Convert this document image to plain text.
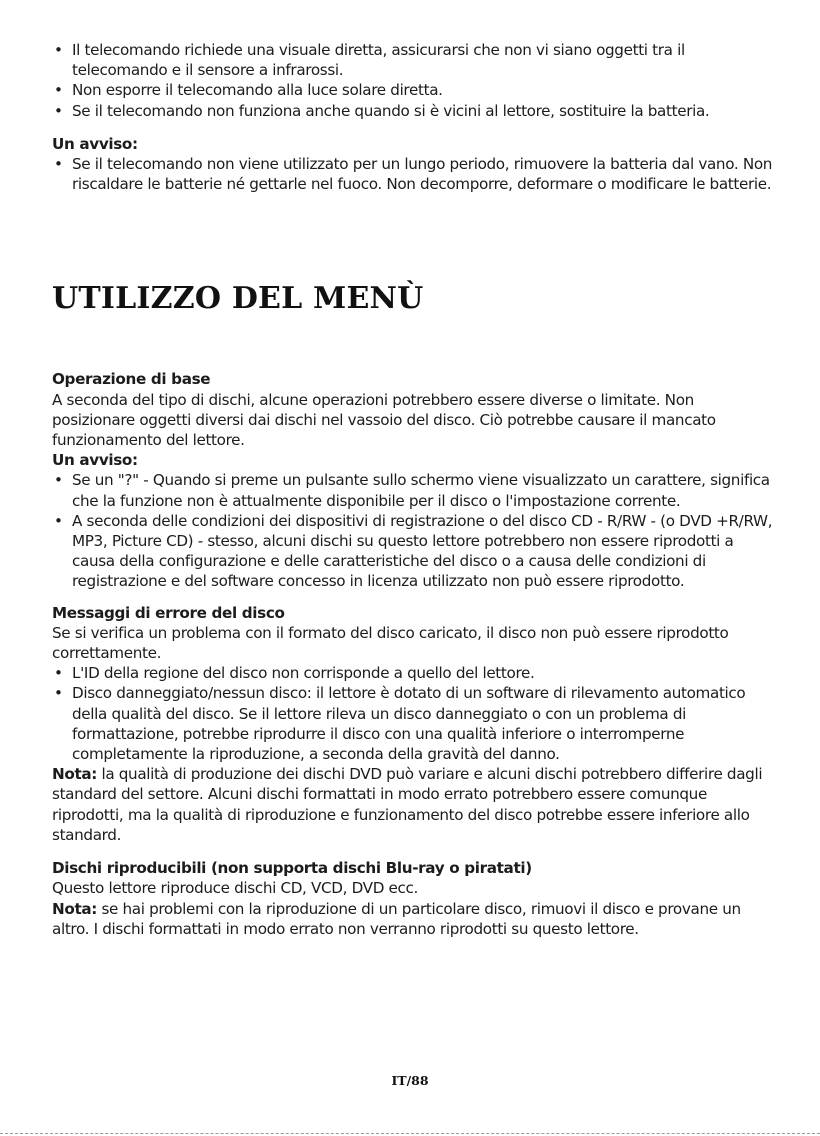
• Il telecomando richiede una visuale diretta, assicurarsi che non vi siano oggetti tra il telecomando e il sensore a infrarossi.
• Non esporre il telecomando alla luce solare diretta.
• Se il telecomando non funziona anche quando si è vicini al lettore, sostituire la batteria.

Un avviso:

• Se il telecomando non viene utilizzato per un lungo periodo, rimuovere la batteria dal vano. Non riscaldare le batterie né gettarle nel fuoco. Non decomporre, deformare o modificare le batterie.
UTILIZZO DEL MENÙ

Operazione di base

A seconda del tipo di dischi, alcune operazioni potrebbero essere diverse o limitate. Non posizionare oggetti diversi dai dischi nel vassoio del disco. Ciò potrebbe causare il mancato funzionamento del lettore.

Un avviso:

• Se un "?" - Quando si preme un pulsante sullo schermo viene visualizzato un carattere, significa che la funzione non è attualmente disponibile per il disco o l'impostazione corrente.
• A seconda delle condizioni dei dispositivi di registrazione o del disco CD - R/RW - (o DVD +R/RW, MP3, Picture CD) - stesso, alcuni dischi su questo lettore potrebbero non essere riprodotti a causa della configurazione e delle caratteristiche del disco o a causa delle condizioni di registrazione e del software concesso in licenza utilizzato non può essere riprodotto.

Messaggi di errore del disco

Se si verifica un problema con il formato del disco caricato, il disco non può essere riprodotto correttamente.

• L'ID della regione del disco non corrisponde a quello del lettore.
• Disco danneggiato/nessun disco: il lettore è dotato di un software di rilevamento automatico della qualità del disco. Se il lettore rileva un disco danneggiato o con un problema di formattazione, potrebbe riprodurre il disco con una qualità inferiore o interromperne completamente la riproduzione, a seconda della gravità del danno.

Nota: la qualità di produzione dei dischi DVD può variare e alcuni dischi potrebbero differire dagli standard del settore. Alcuni dischi formattati in modo errato potrebbero essere comunque riprodotti, ma la qualità di riproduzione e funzionamento del disco potrebbe essere inferiore allo standard.

Dischi riproducibili (non supporta dischi Blu-ray o piratati)

Questo lettore riproduce dischi CD, VCD, DVD ecc.

Nota: se hai problemi con la riproduzione di un particolare disco, rimuovi il disco e provane un altro. I dischi formattati in modo errato non verranno riprodotti su questo lettore.

IT/88
